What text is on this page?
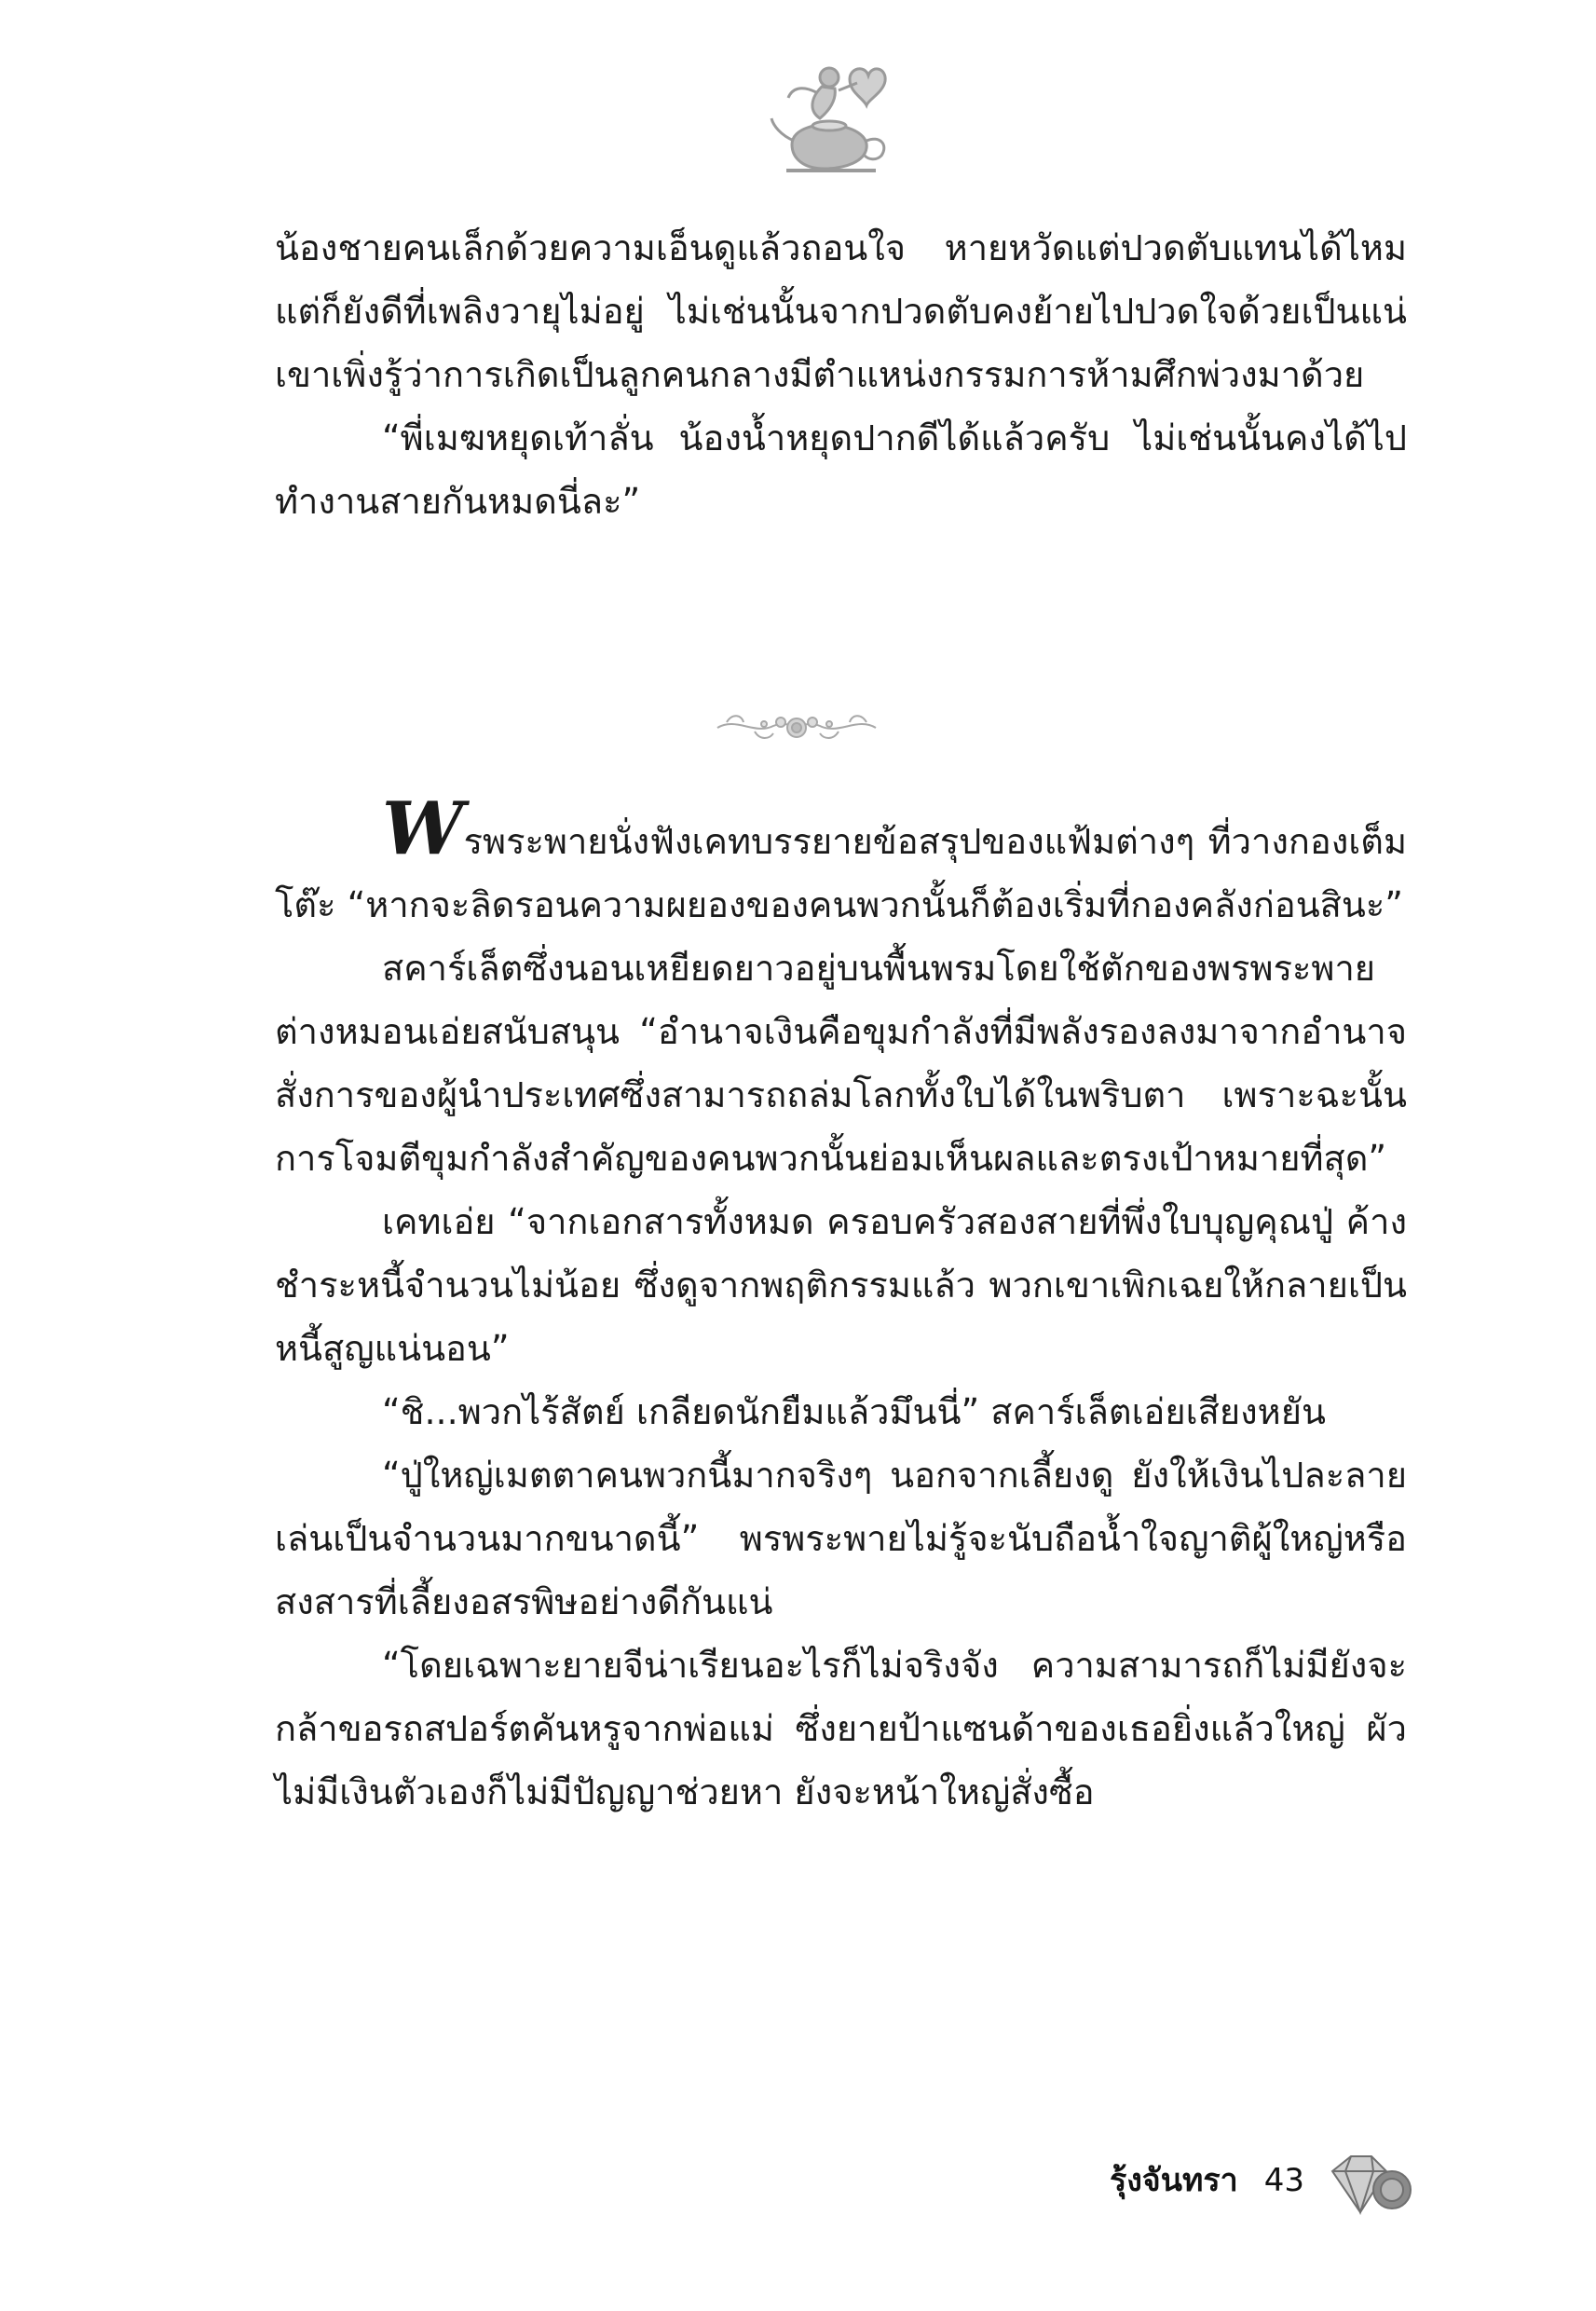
น้องชายคนเล็กด้วยความเอ็นดูแล้วถอนใจ หายหวัดแต่ปวดตับแทนได้ไหม แต่ก็ยังดีที่เพลิงวายุไม่อยู่ ไม่เช่นนั้นจากปวดตับคงย้ายไปปวดใจด้วยเป็นแน่ เขาเพิ่งรู้ว่าการเกิดเป็นลูกคนกลางมีตำแหน่งกรรมการห้ามศึกพ่วงมาด้วย

“พี่เมฆหยุดเท้าลั่น น้องน้ำหยุดปากดีได้แล้วครับ ไม่เช่นนั้นคงได้ไปทำงานสายกันหมดนี่ละ”

Wรพระพายนั่งฟังเคทบรรยายข้อสรุปของแฟ้มต่างๆ ที่วางกองเต็มโต๊ะ “หากจะลิดรอนความผยองของคนพวกนั้นก็ต้องเริ่มที่กองคลังก่อนสินะ”

สคาร์เล็ตซึ่งนอนเหยียดยาวอยู่บนพื้นพรมโดยใช้ตักของพรพระพายต่างหมอนเอ่ยสนับสนุน “อำนาจเงินคือขุมกำลังที่มีพลังรองลงมาจากอำนาจสั่งการของผู้นำประเทศซึ่งสามารถถล่มโลกทั้งใบได้ในพริบตา เพราะฉะนั้นการโจมตีขุมกำลังสำคัญของคนพวกนั้นย่อมเห็นผลและตรงเป้าหมายที่สุด”

เคทเอ่ย “จากเอกสารทั้งหมด ครอบครัวสองสายที่พึ่งใบบุญคุณปู่ ค้างชำระหนี้จำนวนไม่น้อย ซึ่งดูจากพฤติกรรมแล้ว พวกเขาเพิกเฉยให้กลายเป็นหนี้สูญแน่นอน”

“ชิ...พวกไร้สัตย์ เกลียดนักยืมแล้วมึนนี่” สคาร์เล็ตเอ่ยเสียงหยัน

“ปู่ใหญ่เมตตาคนพวกนี้มากจริงๆ นอกจากเลี้ยงดู ยังให้เงินไปละลายเล่นเป็นจำนวนมากขนาดนี้” พรพระพายไม่รู้จะนับถือน้ำใจญาติผู้ใหญ่หรือสงสารที่เลี้ยงอสรพิษอย่างดีกันแน่

“โดยเฉพาะยายจีน่าเรียนอะไรก็ไม่จริงจัง ความสามารถก็ไม่มียังจะกล้าขอรถสปอร์ตคันหรูจากพ่อแม่ ซึ่งยายป้าแซนด้าของเธอยิ่งแล้วใหญ่ ผัวไม่มีเงินตัวเองก็ไม่มีปัญญาช่วยหา ยังจะหน้าใหญ่สั่งซื้อ

รุ้งจันทรา 43
